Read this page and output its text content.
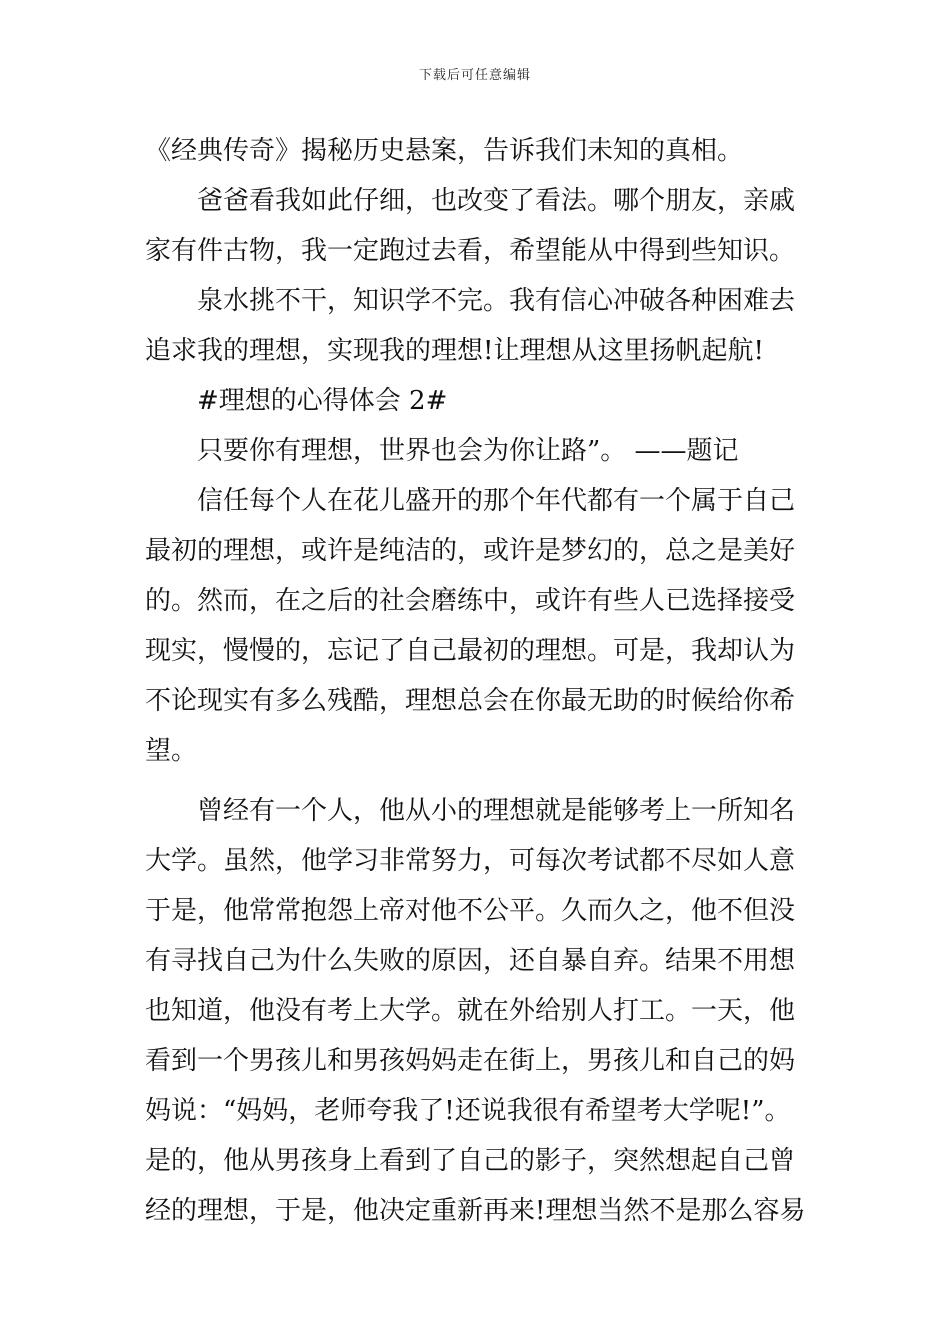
下载后可任意编辑
《经典传奇》揭秘历史悬案，告诉我们未知的真相。
爸爸看我如此仔细，也改变了看法。哪个朋友，亲戚
家有件古物，我一定跑过去看，希望能从中得到些知识。
泉水挑不干，知识学不完。我有信心冲破各种困难去
追求我的理想，实现我的理想!让理想从这里扬帆起航!
#理想的心得体会 2#
只要你有理想，世界也会为你让路”。 ——题记
信任每个人在花儿盛开的那个年代都有一个属于自己
最初的理想，或许是纯洁的，或许是梦幻的，总之是美好
的。然而，在之后的社会磨练中，或许有些人已选择接受
现实，慢慢的，忘记了自己最初的理想。可是，我却认为
不论现实有多么残酷，理想总会在你最无助的时候给你希
望。
曾经有一个人，他从小的理想就是能够考上一所知名
大学。虽然，他学习非常努力，可每次考试都不尽如人意
于是，他常常抱怨上帝对他不公平。久而久之，他不但没
有寻找自己为什么失败的原因，还自暴自弃。结果不用想
也知道，他没有考上大学。就在外给别人打工。一天，他
看到一个男孩儿和男孩妈妈走在街上，男孩儿和自己的妈
妈说：“妈妈，老师夸我了!还说我很有希望考大学呢!”。
是的，他从男孩身上看到了自己的影子，突然想起自己曾
经的理想，于是，他决定重新再来!理想当然不是那么容易
